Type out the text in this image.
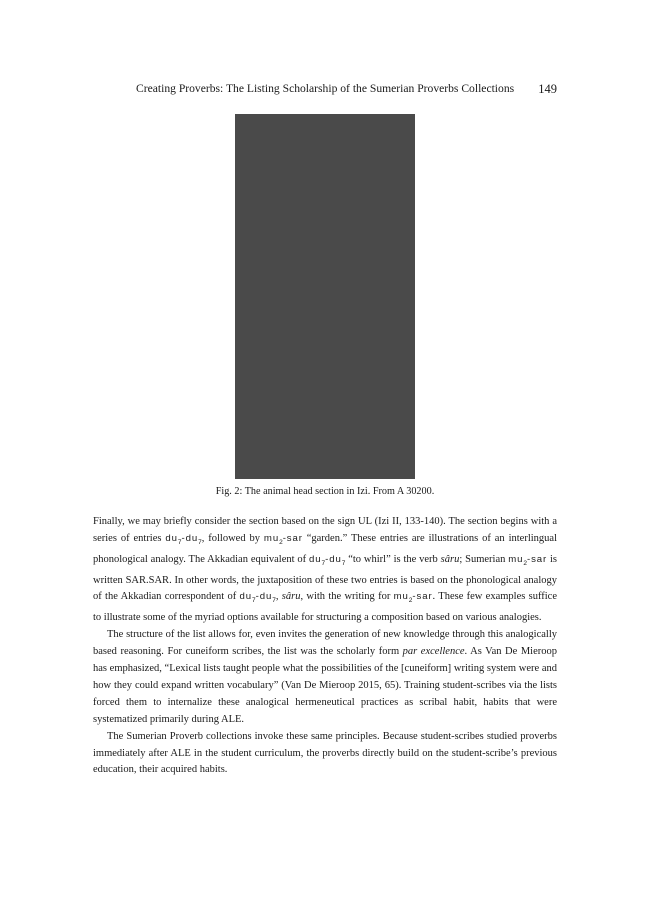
Creating Proverbs: The Listing Scholarship of the Sumerian Proverbs Collections 149
Fig. 2: The animal head section in Izi. From A 30200.

Finally, we may briefly consider the section based on the sign UL (Izi II, 133-140). The section begins with a series of entries $du_7-du_7$, followed by $mu_2$-sar “garden.” These entries are illustrations of an interlingual phonological analogy. The Akkadian equivalent of $du_7-du_7$ “to whirl” is the verb sâru; Sumerian $mu_2$-sar is written SAR.SAR. In other words, the juxtaposition of these two entries is based on the phonological analogy of the Akkadian correspondent of $du_7-du_7$, sâru, with the writing for $mu_2$-sar. These few examples suffice to illustrate some of the myriad options available for structuring a composition based on various analogies.

The structure of the list allows for, even invites the generation of new knowledge through this analogically based reasoning. For cuneiform scribes, the list was the scholarly form par excellence. As Van De Mieroop has emphasized, “Lexical lists taught people what the possibilities of the [cuneiform] writing system were and how they could expand written vocabulary” (Van De Mieroop 2015, 65). Training student-scribes via the lists forced them to internalize these analogical hermeneutical practices as scribal habit, habits that were systematized primarily during ALE.

The Sumerian Proverb collections invoke these same principles. Because student-scribes studied proverbs immediately after ALE in the student curriculum, the proverbs directly build on the student-scribe’s previous education, their acquired habits.
